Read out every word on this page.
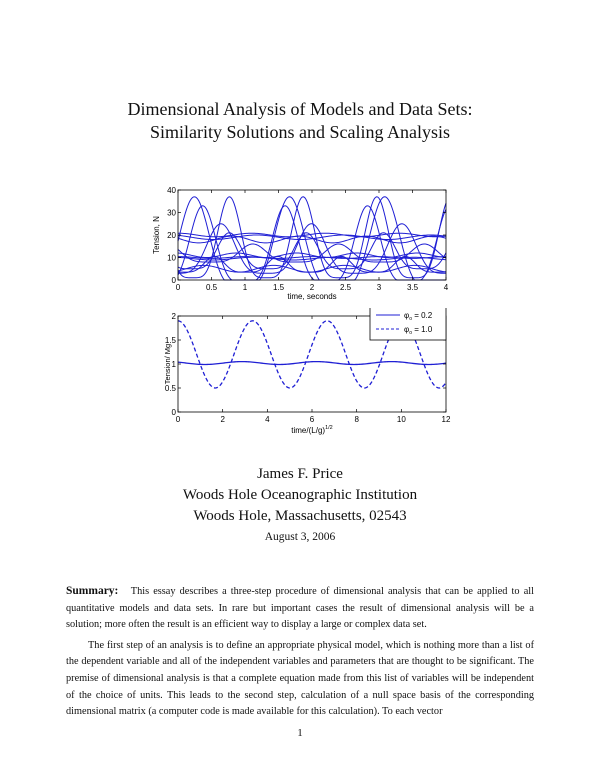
Dimensional Analysis of Models and Data Sets:
Similarity Solutions and Scaling Analysis
0	0.5	1	1.5	2	2.5	3	3.5	4
0
10
20
30
40
Tension, N
time, seconds
0	2	4	6	8	10	12
0
0.5
1
1.5
2
Tension/ Mg
time/$(L/g)^{1/2}$
$\varphi_o = 0.2$
$\varphi_o = 1.0$
James F. Price
Woods Hole Oceanographic Institution
Woods Hole, Massachusetts, 02543
August 3, 2006

Summary: This essay describes a three-step procedure of dimensional analysis that can be applied to all quantitative models and data sets. In rare but important cases the result of dimensional analysis will be a solution; more often the result is an efficient way to display a large or complex data set.

The first step of an analysis is to define an appropriate physical model, which is nothing more than a list of the dependent variable and all of the independent variables and parameters that are thought to be significant. The premise of dimensional analysis is that a complete equation made from this list of variables will be independent of the choice of units. This leads to the second step, calculation of a null space basis of the corresponding dimensional matrix (a computer code is made available for this calculation). To each vector

1
